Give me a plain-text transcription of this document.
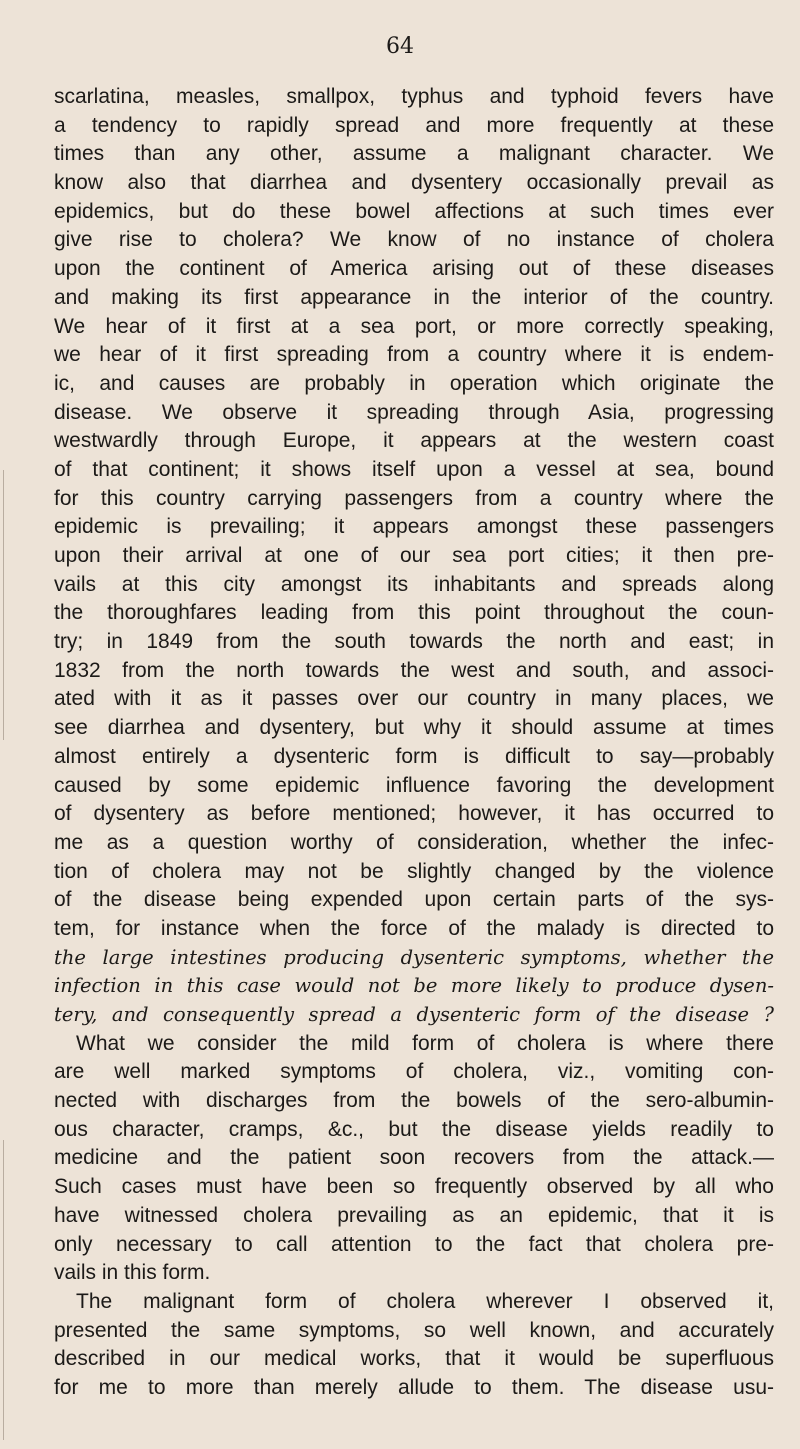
64
scarlatina, measles, smallpox, typhus and typhoid fevers have
a tendency to rapidly spread and more frequently at these
times than any other, assume a malignant character. We
know also that diarrhea and dysentery occasionally prevail as
epidemics, but do these bowel affections at such times ever
give rise to cholera? We know of no instance of cholera
upon the continent of America arising out of these diseases
and making its first appearance in the interior of the country.
We hear of it first at a sea port, or more correctly speaking,
we hear of it first spreading from a country where it is endem-
ic, and causes are probably in operation which originate the
disease. We observe it spreading through Asia, progressing
westwardly through Europe, it appears at the western coast
of that continent; it shows itself upon a vessel at sea, bound
for this country carrying passengers from a country where the
epidemic is prevailing; it appears amongst these passengers
upon their arrival at one of our sea port cities; it then pre-
vails at this city amongst its inhabitants and spreads along
the thoroughfares leading from this point throughout the coun-
try; in 1849 from the south towards the north and east; in
1832 from the north towards the west and south, and associ-
ated with it as it passes over our country in many places, we
see diarrhea and dysentery, but why it should assume at times
almost entirely a dysenteric form is difficult to say—probably
caused by some epidemic influence favoring the development
of dysentery as before mentioned; however, it has occurred to
me as a question worthy of consideration, whether the infec-
tion of cholera may not be slightly changed by the violence
of the disease being expended upon certain parts of the sys-
tem, for instance when the force of the malady is directed to
the large intestines producing dysenteric symptoms, whether the
infection in this case would not be more likely to produce dysen-
tery, and consequently spread a dysenteric form of the disease ?
What we consider the mild form of cholera is where there
are well marked symptoms of cholera, viz., vomiting con-
nected with discharges from the bowels of the sero-albumin-
ous character, cramps, &c., but the disease yields readily to
medicine and the patient soon recovers from the attack.—
Such cases must have been so frequently observed by all who
have witnessed cholera prevailing as an epidemic, that it is
only necessary to call attention to the fact that cholera pre-
vails in this form.
The malignant form of cholera wherever I observed it,
presented the same symptoms, so well known, and accurately
described in our medical works, that it would be superfluous
for me to more than merely allude to them. The disease usu-
